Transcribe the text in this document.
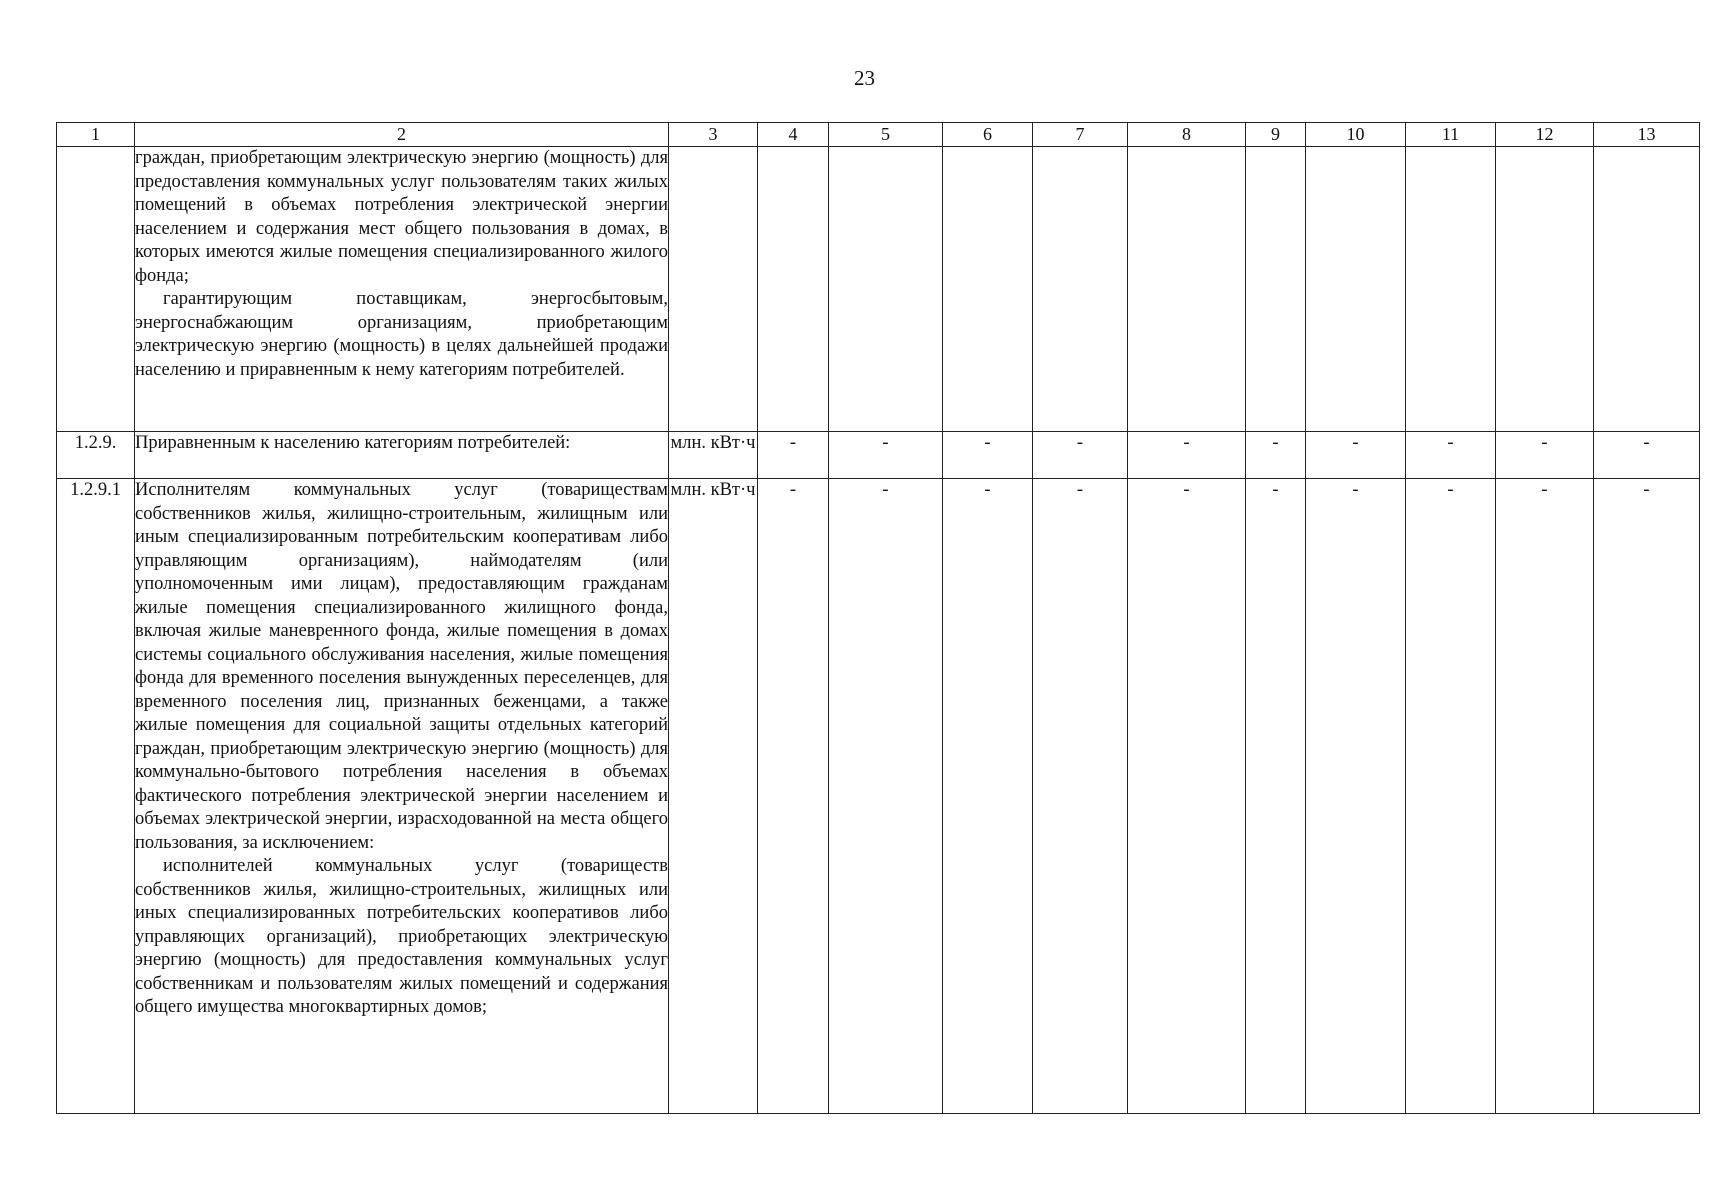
23
1	2	3	4	5	6	7	8	9	10	11	12	13

	граждан, приобретающим электрическую энергию (мощность) для предоставления коммунальных услуг пользователям таких жилых помещений в объемах потребления электрической энергии населением и содержания мест общего пользования в домах, в которых имеются жилые помещения специализированного жилого фонда;

гарантирующим поставщикам, энергосбытовым, энергоснабжающим организациям, приобретающим электрическую энергию (мощность) в целях дальнейшей продажи населению и приравненным к нему категориям потребителей.											

1.2.9.	Приравненным к населению категориям потребителей:	млн. кВт·ч	-	-	-	-	-	-	-	-	-	-
1.2.9.1	Исполнителям коммунальных услуг (товариществам собственников жилья, жилищно-строительным, жилищным или иным специализированным потребительским кооперативам либо управляющим организациям), наймодателям (или уполномоченным ими лицам), предоставляющим гражданам жилые помещения специализированного жилищного фонда, включая жилые маневренного фонда, жилые помещения в домах системы социального обслуживания населения, жилые помещения фонда для временного поселения вынужденных переселенцев, для временного поселения лиц, признанных беженцами, а также жилые помещения для социальной защиты отдельных категорий граждан, приобретающим электрическую энергию (мощность) для коммунально-бытового потребления населения в объемах фактического потребления электрической энергии населением и объемах электрической энергии, израсходованной на места общего пользования, за исключением:

исполнителей коммунальных услуг (товариществ собственников жилья, жилищно-строительных, жилищных или иных специализированных потребительских кооперативов либо управляющих организаций), приобретающих электрическую энергию (мощность) для предоставления коммунальных услуг собственникам и пользователям жилых помещений и содержания общего имущества многоквартирных домов;	млн. кВт·ч	-	-	-	-	-	-	-	-	-	-
